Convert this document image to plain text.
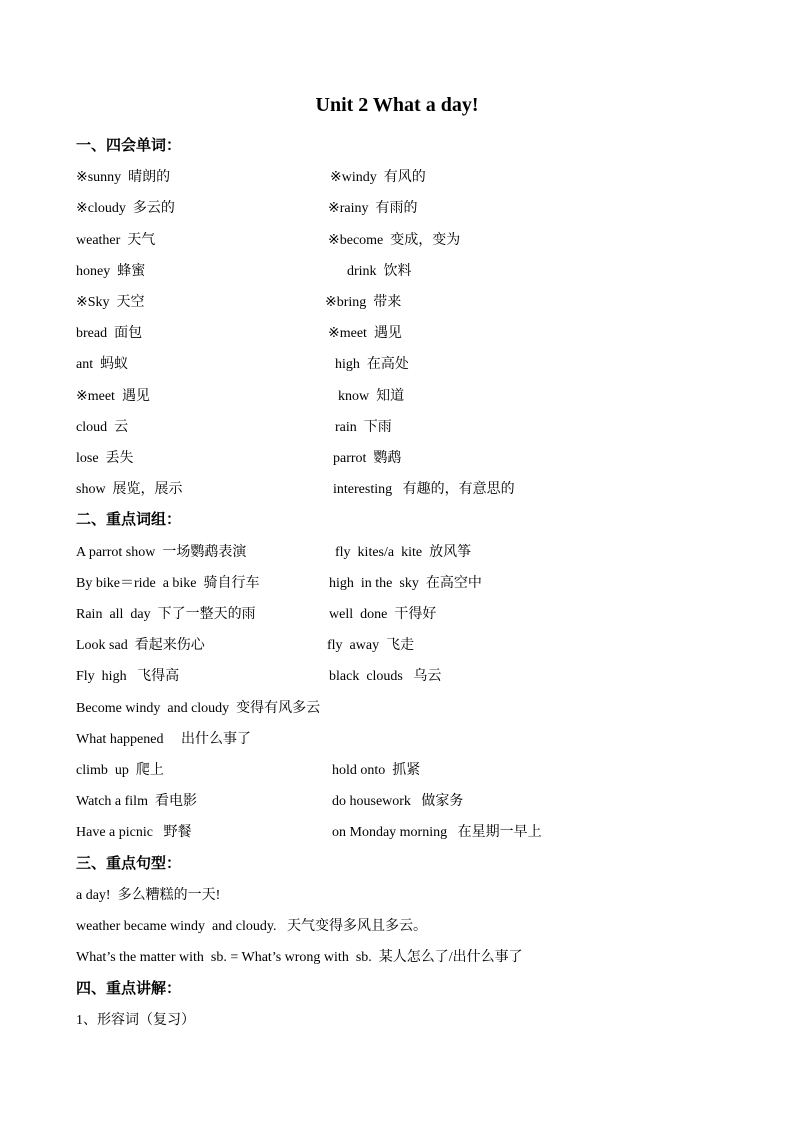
Unit 2 What a day!
一、四会单词：
※sunny  晴朗的	※windy  有风的
※cloudy  多云的	※rainy  有雨的
weather  天气	※become  变成，变为
honey  蜂蜜	drink  饮料
※Sky  天空	※bring  带来
bread  面包	※meet  遇见
ant  蚂蚁	high  在高处
※meet  遇见	know  知道
cloud  云	rain  下雨
lose  丢失	parrot  鹦鹉
show  展览，展示	interesting   有趣的，有意思的
二、重点词组：
A parrot show  一场鹦鹉表演	fly  kites/a  kite  放风筝
By bike＝ride  a bike  骑自行车	high  in the  sky  在高空中
Rain  all  day  下了一整天的雨	well  done  干得好
Look sad  看起来伤心	fly  away  飞走
Fly  high   飞得高	black  clouds   乌云
Become windy  and cloudy  变得有风多云
What happened     出什么事了
climb  up  爬上	hold onto  抓紧
Watch a film  看电影	do housework   做家务
Have a picnic   野餐	on Monday morning   在星期一早上
三、重点句型：
a day!  多么糟糕的一天!
weather became windy  and cloudy.   天气变得多风且多云。
What’s the matter with  sb. = What’s wrong with  sb.  某人怎么了/出什么事了
四、重点讲解：
1、形容词（复习）
